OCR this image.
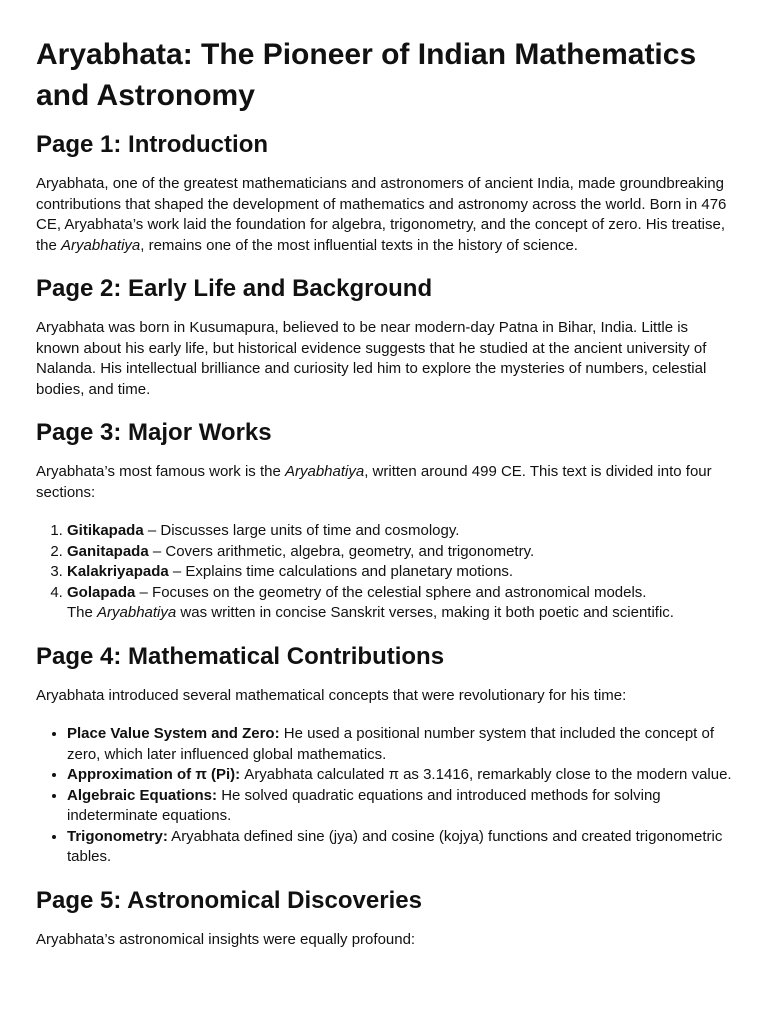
Aryabhata: The Pioneer of Indian Mathematics and Astronomy
Page 1: Introduction

Aryabhata, one of the greatest mathematicians and astronomers of ancient India, made groundbreaking contributions that shaped the development of mathematics and astronomy across the world. Born in 476 CE, Aryabhata’s work laid the foundation for algebra, trigonometry, and the concept of zero. His treatise, the Aryabhatiya, remains one of the most influential texts in the history of science.

Page 2: Early Life and Background

Aryabhata was born in Kusumapura, believed to be near modern-day Patna in Bihar, India. Little is known about his early life, but historical evidence suggests that he studied at the ancient university of Nalanda. His intellectual brilliance and curiosity led him to explore the mysteries of numbers, celestial bodies, and time.

Page 3: Major Works

Aryabhata’s most famous work is the Aryabhatiya, written around 499 CE. This text is divided into four sections:

1. Gitikapada – Discusses large units of time and cosmology.
2. Ganitapada – Covers arithmetic, algebra, geometry, and trigonometry.
3. Kalakriyapada – Explains time calculations and planetary motions.
4. Golapada – Focuses on the geometry of the celestial sphere and astronomical models.
The Aryabhatiya was written in concise Sanskrit verses, making it both poetic and scientific.
Page 4: Mathematical Contributions

Aryabhata introduced several mathematical concepts that were revolutionary for his time:

• Place Value System and Zero: He used a positional number system that included the concept of zero, which later influenced global mathematics.
• Approximation of π (Pi): Aryabhata calculated π as 3.1416, remarkably close to the modern value.
• Algebraic Equations: He solved quadratic equations and introduced methods for solving indeterminate equations.
• Trigonometry: Aryabhata defined sine (jya) and cosine (kojya) functions and created trigonometric tables.
Page 5: Astronomical Discoveries

Aryabhata’s astronomical insights were equally profound:
